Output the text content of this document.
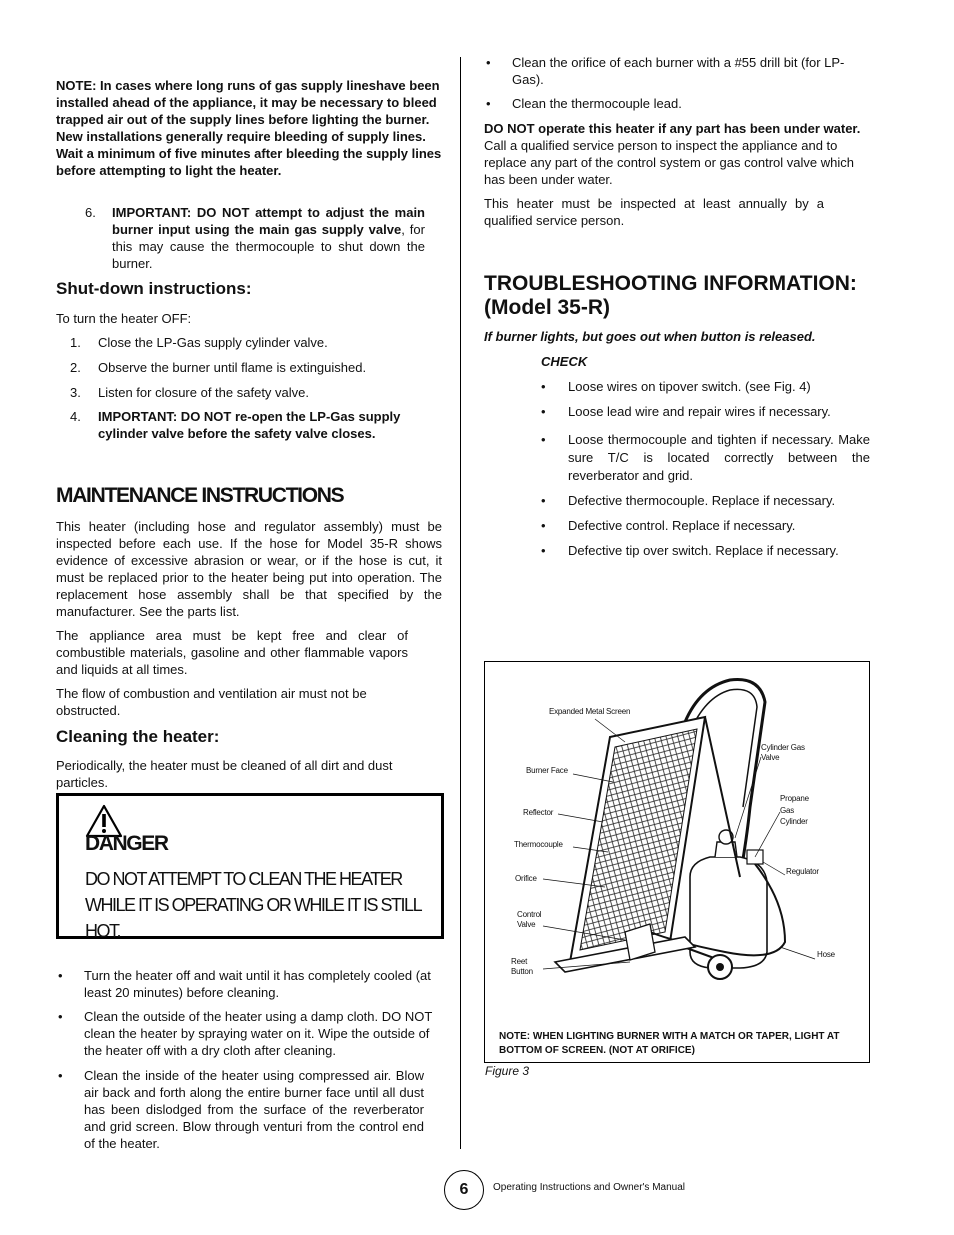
NOTE: In cases where long runs of gas supply lineshave been installed ahead of the appliance, it may be necessary to bleed trapped air out of the supply lines before lighting the burner. New installations generally require bleeding of supply lines. Wait a minimum of five minutes after bleeding the supply lines before attempting to light the heater.

6. IMPORTANT: DO NOT attempt to adjust the main burner input using the main gas supply valve, for this may cause the thermocouple to shut down the burner.

Shut-down instructions:

To turn the heater OFF:

1. Close the LP-Gas supply cylinder valve.
2. Observe the burner until flame is extinguished.
3. Listen for closure of the safety valve.
4. IMPORTANT: DO NOT re-open the LP-Gas supply cylinder valve before the safety valve closes.
MAINTENANCE INSTRUCTIONS

This heater (including hose and regulator assembly) must be inspected before each use. If the hose for Model 35-R shows evidence of excessive abrasion or wear, or if the hose is cut, it must be replaced prior to the heater being put into operation. The replacement hose assembly shall be that specified by the manufacturer. See the parts list.

The appliance area must be kept free and clear of combustible materials, gasoline and other flammable vapors and liquids at all times.

The flow of combustion and ventilation air must not be obstructed.

Cleaning the heater:

Periodically, the heater must be cleaned of all dirt and dust particles.

DANGER
DO NOT ATTEMPT TO CLEAN THE HEATER WHILE IT IS OPERATING OR WHILE IT IS STILL HOT.
• Turn the heater off and wait until it has completely cooled (at least 20 minutes) before cleaning.

• Clean the outside of the heater using a damp cloth. DO NOT clean the heater by spraying water on it. Wipe the outside of the heater off with a dry cloth after cleaning.

• Clean the inside of the heater using compressed air. Blow air back and forth along the entire burner face until all dust has been dislodged from the surface of the reverberator and grid screen. Blow through venturi from the control end of the heater.

• Clean the orifice of each burner with a #55 drill bit (for LP-Gas).

• Clean the thermocouple lead.

DO NOT operate this heater if any part has been under water. Call a qualified service person to inspect the appliance and to replace any part of the control system or gas control valve which has been under water.

This heater must be inspected at least annually by a qualified service person.

TROUBLESHOOTING INFORMATION: (Model 35-R)
If burner lights, but goes out when button is released.
CHECK
• Loose wires on tipover switch. (see Fig. 4)

• Loose lead wire and repair wires if necessary.

• Loose thermocouple and tighten if necessary. Make sure T/C is located correctly between the reverberator and grid.

• Defective thermocouple. Replace if necessary.

• Defective control. Replace if necessary.

• Defective tip over switch. Replace if necessary.

Expanded Metal Screen
Burner Face
Reflector
Thermocouple
Orifice
Control Valve
Reet Button
Cylinder Gas Valve
Propane Gas Cylinder
Regulator
Hose
NOTE: WHEN LIGHTING BURNER WITH A MATCH OR TAPER, LIGHT AT BOTTOM OF SCREEN. (NOT AT ORIFICE)
Figure 3
6	Operating Instructions and Owner's Manual
